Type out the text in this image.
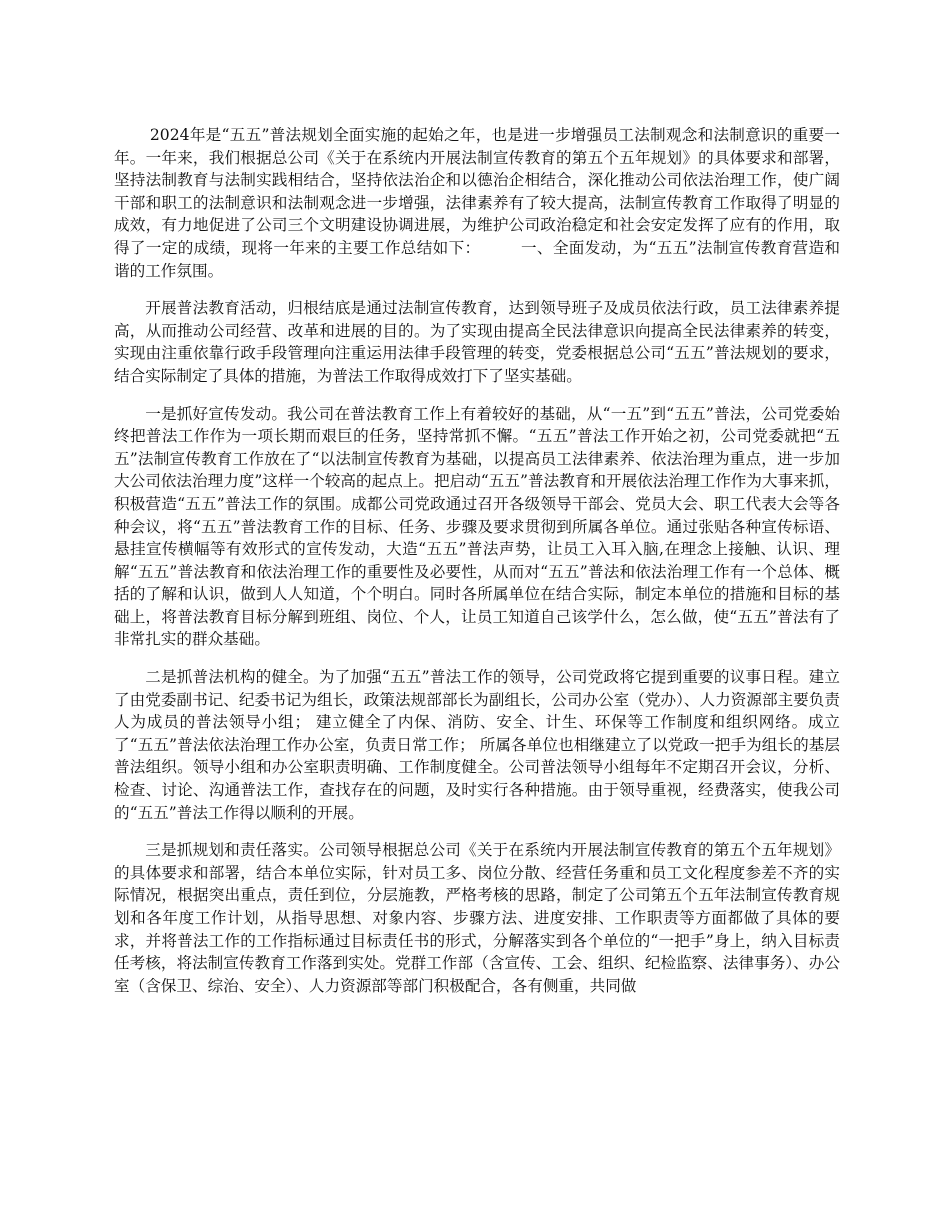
2024年是“五五”普法规划全面实施的起始之年，也是进一步增强员工法制观念和法制意识的重要一年。一年来，我们根据总公司《关于在系统内开展法制宣传教育的第五个五年规划》的具体要求和部署，坚持法制教育与法制实践相结合，坚持依法治企和以德治企相结合，深化推动公司依法治理工作，使广阔干部和职工的法制意识和法制观念进一步增强，法律素养有了较大提高，法制宣传教育工作取得了明显的成效，有力地促进了公司三个文明建设协调进展，为维护公司政治稳定和社会安定发挥了应有的作用，取得了一定的成绩，现将一年来的主要工作总结如下：	一、全面发动，为“五五”法制宣传教育营造和谐的工作氛围。

开展普法教育活动，归根结底是通过法制宣传教育，达到领导班子及成员依法行政，员工法律素养提高，从而推动公司经营、改革和进展的目的。为了实现由提高全民法律意识向提高全民法律素养的转变，实现由注重依靠行政手段管理向注重运用法律手段管理的转变，党委根据总公司“五五”普法规划的要求，结合实际制定了具体的措施，为普法工作取得成效打下了坚实基础。

一是抓好宣传发动。我公司在普法教育工作上有着较好的基础，从“一五”到“五五”普法，公司党委始终把普法工作作为一项长期而艰巨的任务，坚持常抓不懈。“五五”普法工作开始之初，公司党委就把“五五”法制宣传教育工作放在了“以法制宣传教育为基础，以提高员工法律素养、依法治理为重点，进一步加大公司依法治理力度”这样一个较高的起点上。把启动“五五”普法教育和开展依法治理工作作为大事来抓，积极营造“五五”普法工作的氛围。成都公司党政通过召开各级领导干部会、党员大会、职工代表大会等各种会议，将“五五”普法教育工作的目标、任务、步骤及要求贯彻到所属各单位。通过张贴各种宣传标语、悬挂宣传横幅等有效形式的宣传发动，大造“五五”普法声势，让员工入耳入脑,在理念上接触、认识、理解“五五”普法教育和依法治理工作的重要性及必要性，从而对“五五”普法和依法治理工作有一个总体、概括的了解和认识，做到人人知道，个个明白。同时各所属单位在结合实际，制定本单位的措施和目标的基础上，将普法教育目标分解到班组、岗位、个人，让员工知道自己该学什么，怎么做，使“五五”普法有了非常扎实的群众基础。

二是抓普法机构的健全。为了加强“五五”普法工作的领导，公司党政将它提到重要的议事日程。建立了由党委副书记、纪委书记为组长，政策法规部部长为副组长，公司办公室（党办）、人力资源部主要负责人为成员的普法领导小组； 建立健全了内保、消防、安全、计生、环保等工作制度和组织网络。成立了“五五”普法依法治理工作办公室，负责日常工作； 所属各单位也相继建立了以党政一把手为组长的基层普法组织。领导小组和办公室职责明确、工作制度健全。公司普法领导小组每年不定期召开会议，分析、检查、讨论、沟通普法工作，查找存在的问题，及时实行各种措施。由于领导重视，经费落实，使我公司的“五五”普法工作得以顺利的开展。

三是抓规划和责任落实。公司领导根据总公司《关于在系统内开展法制宣传教育的第五个五年规划》的具体要求和部署，结合本单位实际，针对员工多、岗位分散、经营任务重和员工文化程度参差不齐的实际情况，根据突出重点，责任到位，分层施教，严格考核的思路，制定了公司第五个五年法制宣传教育规划和各年度工作计划，从指导思想、对象内容、步骤方法、进度安排、工作职责等方面都做了具体的要求，并将普法工作的工作指标通过目标责任书的形式，分解落实到各个单位的“一把手”身上，纳入目标责任考核，将法制宣传教育工作落到实处。党群工作部（含宣传、工会、组织、纪检监察、法律事务）、办公室（含保卫、综治、安全）、人力资源部等部门积极配合，各有侧重，共同做
